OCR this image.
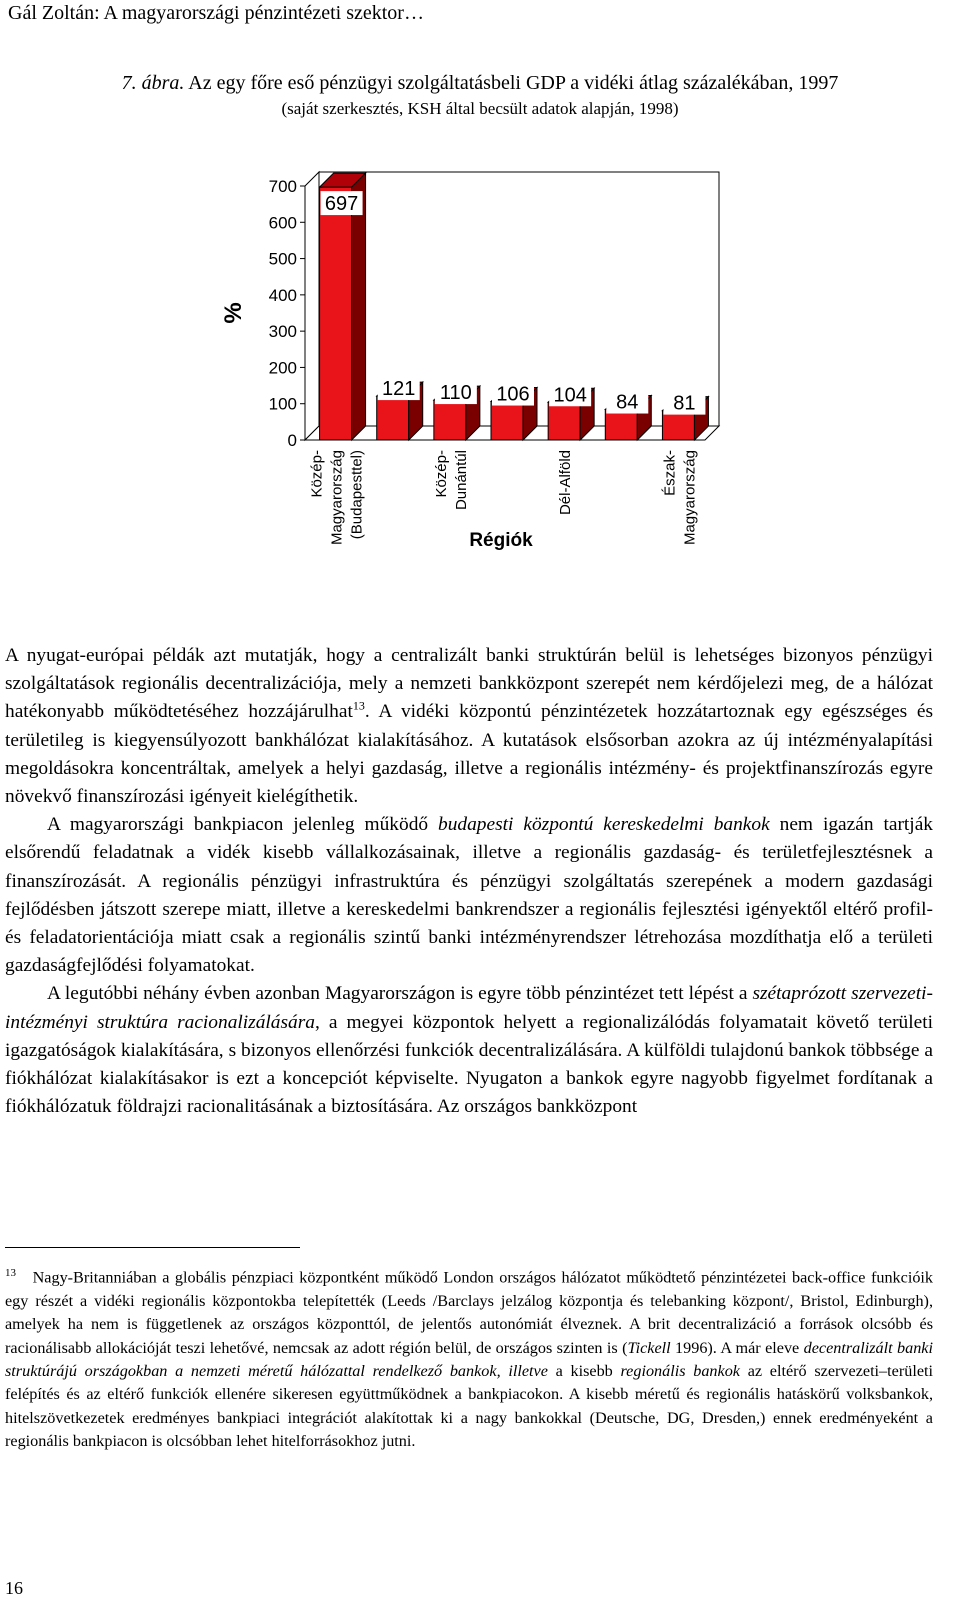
Gál Zoltán: A magyarországi pénzintézeti szektor…
7. ábra. Az egy főre eső pénzügyi szolgáltatásbeli GDP a vidéki átlag százalékában, 1997
(saját szerkesztés, KSH által becsült adatok alapján, 1998)
0
100
200
300
400
500
600
700
%
697
121 110 106 104 84 81
Közép- Magyarország (Budapesttel)	Közép- Dunántúl	Dél-Alföld	Észak- Magyarország
Régiók

A nyugat-európai példák azt mutatják, hogy a centralizált banki struktúrán belül is lehetséges bizonyos pénzügyi szolgáltatások regionális decentralizációja, mely a nemzeti bankközpont szerepét nem kérdőjelezi meg, de a hálózat hatékonyabb működtetéséhez hozzájárulhat$^{13}$. A vidéki központú pénzintézetek hozzátartoznak egy egészséges és területileg is kiegyensúlyozott bankhálózat kialakításához. A kutatások elsősorban azokra az új intézményalapítási megoldásokra koncentráltak, amelyek a helyi gazdaság, illetve a regionális intézmény- és projektfinanszírozás egyre növekvő finanszírozási igényeit kielégíthetik.

A magyarországi bankpiacon jelenleg működő budapesti központú kereskedelmi bankok nem igazán tartják elsőrendű feladatnak a vidék kisebb vállalkozásainak, illetve a regionális gazdaság- és területfejlesztésnek a finanszírozását. A regionális pénzügyi infrastruktúra és pénzügyi szolgáltatás szerepének a modern gazdasági fejlődésben játszott szerepe miatt, illetve a kereskedelmi bankrendszer a regionális fejlesztési igényektől eltérő profil- és feladatorientációja miatt csak a regionális szintű banki intézményrendszer létrehozása mozdíthatja elő a területi gazdaságfejlődési folyamatokat.

A legutóbbi néhány évben azonban Magyarországon is egyre több pénzintézet tett lépést a szétaprózott szervezeti-intézményi struktúra racionalizálására, a megyei központok helyett a regionalizálódás folyamatait követő területi igazgatóságok kialakítására, s bizonyos ellenőrzési funkciók decentralizálására. A külföldi tulajdonú bankok többsége a fiókhálózat kialakításakor is ezt a koncepciót képviselte. Nyugaton a bankok egyre nagyobb figyelmet fordítanak a fiókhálózatuk földrajzi racionalitásának a biztosítására. Az országos bankközpont

$^{13}$ Nagy-Britanniában a globális pénzpiaci központként működő London országos hálózatot működtető pénzintézetei back-office funkcióik egy részét a vidéki regionális központokba telepítették (Leeds /Barclays jelzálog központja és telebanking központ/, Bristol, Edinburgh), amelyek ha nem is függetlenek az országos központtól, de jelentős autonómiát élveznek. A brit decentralizáció a források olcsóbb és racionálisabb allokációját teszi lehetővé, nemcsak az adott régión belül, de országos szinten is (Tickell 1996). A már eleve decentralizált banki struktúrájú országokban a nemzeti méretű hálózattal rendelkező bankok, illetve a kisebb regionális bankok az eltérő szervezeti–területi felépítés és az eltérő funkciók ellenére sikeresen együttműködnek a bankpiacokon. A kisebb méretű és regionális hatáskörű volksbankok, hitelszövetkezetek eredményes bankpiaci integrációt alakítottak ki a nagy bankokkal (Deutsche, DG, Dresden,) ennek eredményeként a regionális bankpiacon is olcsóbban lehet hitelforrásokhoz jutni.

16
